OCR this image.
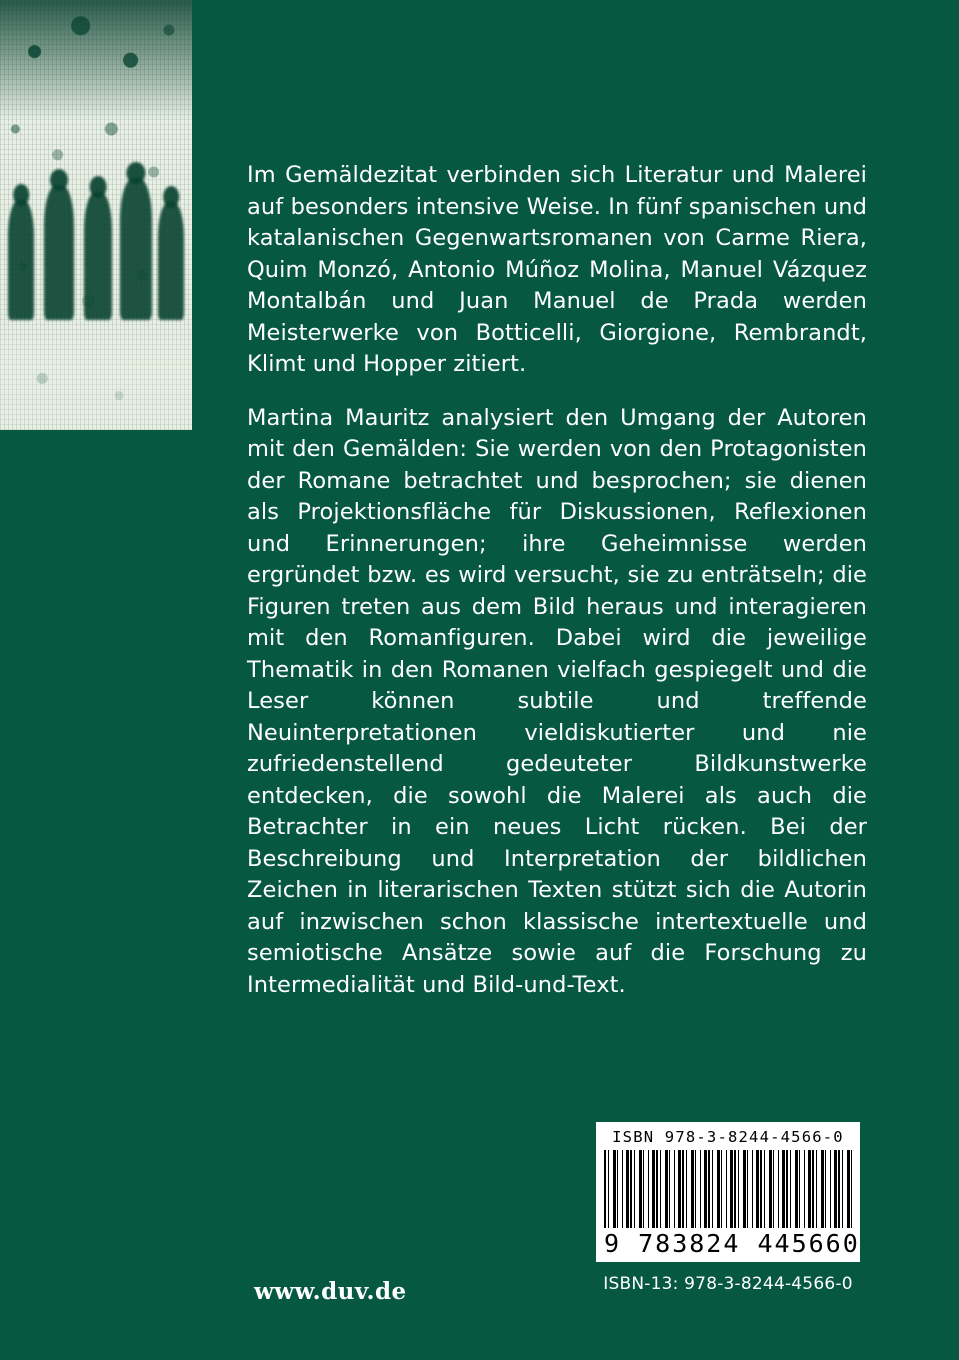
Im Gemäldezitat verbinden sich Literatur und Malerei auf besonders intensive Weise. In fünf spanischen und katalanischen Gegenwartsromanen von Carme Riera, Quim Monzó, Antonio Múñoz Molina, Manuel Vázquez Montalbán und Juan Manuel de Prada werden Meisterwerke von Botticelli, Giorgione, Rembrandt, Klimt und Hopper zitiert.

Martina Mauritz analysiert den Umgang der Autoren mit den Gemälden: Sie werden von den Protagonisten der Romane betrachtet und besprochen; sie dienen als Projektionsfläche für Diskussionen, Reflexionen und Erinnerungen; ihre Geheimnisse werden ergründet bzw. es wird versucht, sie zu enträtseln; die Figuren treten aus dem Bild heraus und interagieren mit den Romanfiguren. Dabei wird die jeweilige Thematik in den Romanen vielfach gespiegelt und die Leser können subtile und treffende Neuinterpretationen vieldiskutierter und nie zufriedenstellend gedeuteter Bildkunstwerke entdecken, die sowohl die Malerei als auch die Betrachter in ein neues Licht rücken. Bei der Beschreibung und Interpretation der bildlichen Zeichen in literarischen Texten stützt sich die Autorin auf inzwischen schon klassische intertextuelle und semiotische Ansätze sowie auf die Forschung zu Intermedialität und Bild-und-Text.

ISBN 978-3-8244-4566-0
9 783824 445660
ISBN-13: 978-3-8244-4566-0
www.duv.de
